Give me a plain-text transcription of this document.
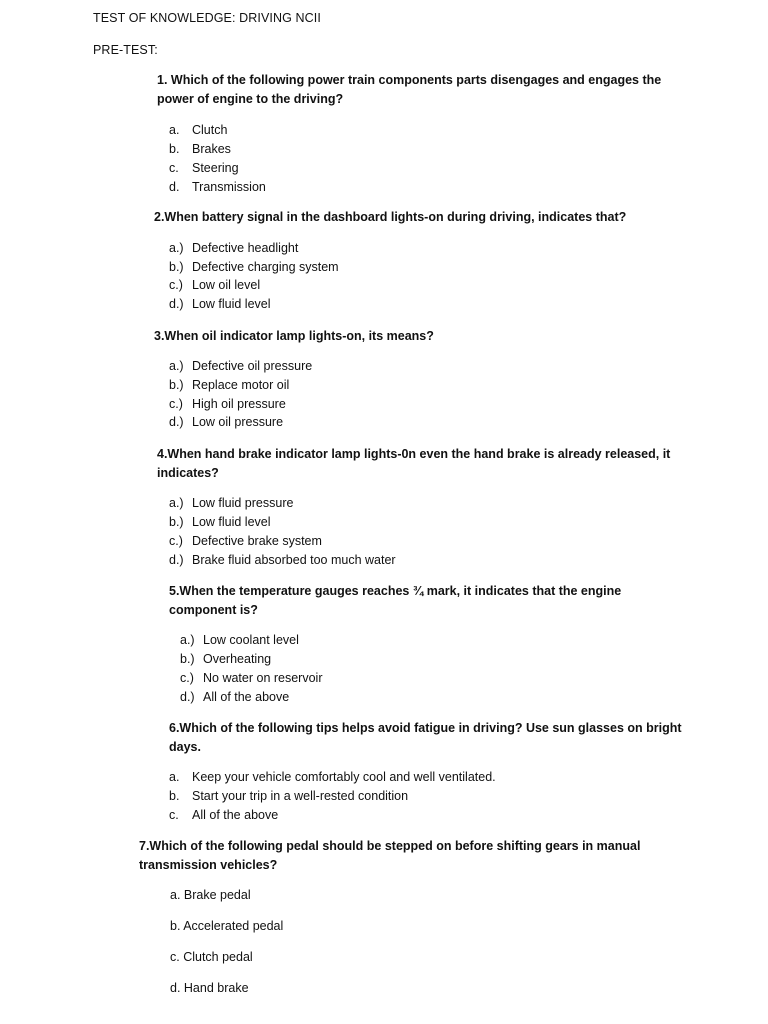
TEST OF KNOWLEDGE: DRIVING NCII
PRE-TEST:
1. Which of the following power train components parts disengages and engages the power of engine to the driving?
a. Clutch
b. Brakes
c. Steering
d. Transmission
2.When battery signal in the dashboard lights-on during driving, indicates that?
a.) Defective headlight
b.) Defective charging system
c.) Low oil level
d.) Low fluid level
3.When oil indicator lamp lights-on, its means?
a.) Defective oil pressure
b.) Replace motor oil
c.) High oil pressure
d.) Low oil pressure
4.When hand brake indicator lamp lights-0n even the hand brake is already released, it indicates?
a.) Low fluid pressure
b.) Low fluid level
c.) Defective brake system
d.) Brake fluid absorbed too much water
5.When the temperature gauges reaches ¾ mark, it indicates that the engine component is?
a.) Low coolant level
b.) Overheating
c.) No water on reservoir
d.) All of the above
6.Which of the following tips helps avoid fatigue in driving? Use sun glasses on bright days.
a. Keep your vehicle comfortably cool and well ventilated.
b. Start your trip in a well-rested condition
c. All of the above
7.Which of the following pedal should be stepped on before shifting gears in manual transmission vehicles?
a. Brake pedal
b. Accelerated pedal
c. Clutch pedal
d. Hand brake
